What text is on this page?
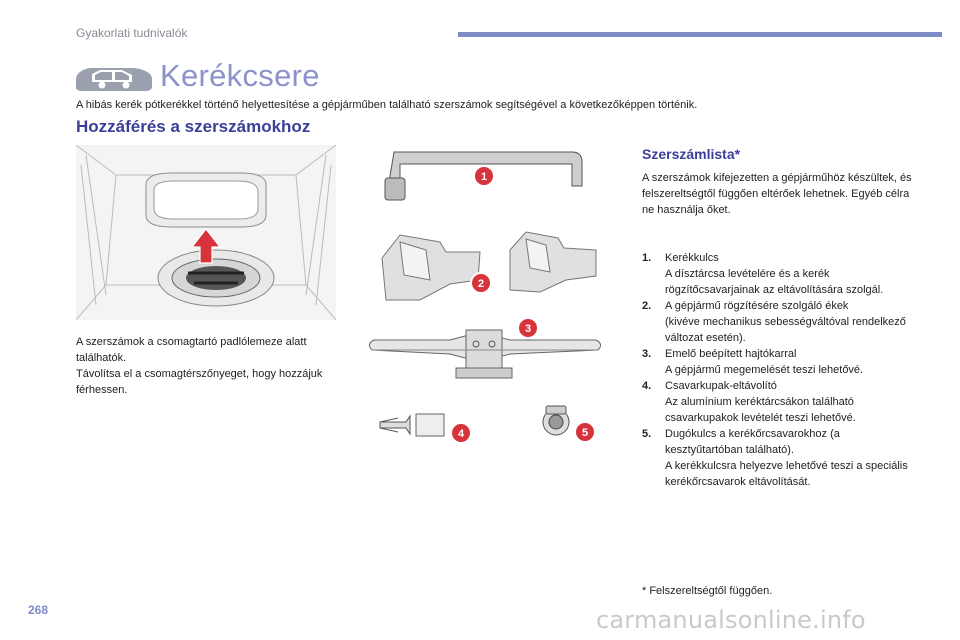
Gyakorlati tudnivalók
Kerékcsere
A hibás kerék pótkerékkel történő helyettesítése a gépjárműben található szerszámok segítségével a következőképpen történik.
Hozzáférés a szerszámokhoz
A szerszámok a csomagtartó padlólemeze alatt találhatók.
Távolítsa el a csomagtérszőnyeget, hogy hozzájuk férhessen.
1
2
3
4	5
Szerszámlista*
A szerszámok kifejezetten a gépjárműhöz készültek, és felszereltségtől függően eltérőek lehetnek. Egyéb célra ne használja őket.
1. Kerékkulcs
A dísztárcsa levételére és a kerék rögzítőcsavarjainak az eltávolítására szolgál.
2. A gépjármű rögzítésére szolgáló ékek
(kivéve mechanikus sebességváltóval rendelkező változat esetén).
3. Emelő beépített hajtókarral
A gépjármű megemelését teszi lehetővé.
4. Csavarkupak-eltávolító
Az alumínium keréktárcsákon található csavarkupakok levételét teszi lehetővé.
5. Dugókulcs a kerékőrcsavarokhoz (a kesztyűtartóban található).
A kerékkulcsra helyezve lehetővé teszi a speciális kerékőrcsavarok eltávolítását.
* Felszereltségtől függően.
268	carmanualsonline.info
